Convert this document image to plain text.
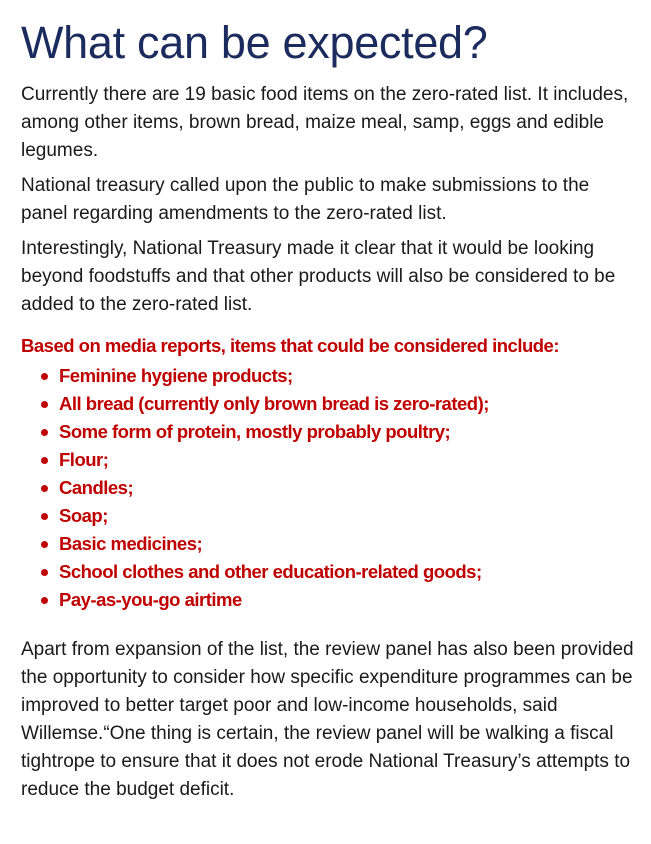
What can be expected?

Currently there are 19 basic food items on the zero-rated list. It includes, among other items, brown bread, maize meal, samp, eggs and edible legumes.

National treasury called upon the public to make submissions to the panel regarding amendments to the zero-rated list.

Interestingly, National Treasury made it clear that it would be looking beyond foodstuffs and that other products will also be considered to be added to the zero-rated list.

Based on media reports, items that could be considered include:

Feminine hygiene products;
All bread (currently only brown bread is zero-rated);
Some form of protein, mostly probably poultry;
Flour;
Candles;
Soap;
Basic medicines;
School clothes and other education-related goods;
Pay-as-you-go airtime

Apart from expansion of the list, the review panel has also been provided the opportunity to consider how specific expenditure programmes can be improved to better target poor and low-income households, said Willemse.“One thing is certain, the review panel will be walking a fiscal tightrope to ensure that it does not erode National Treasury’s attempts to reduce the budget deficit.
